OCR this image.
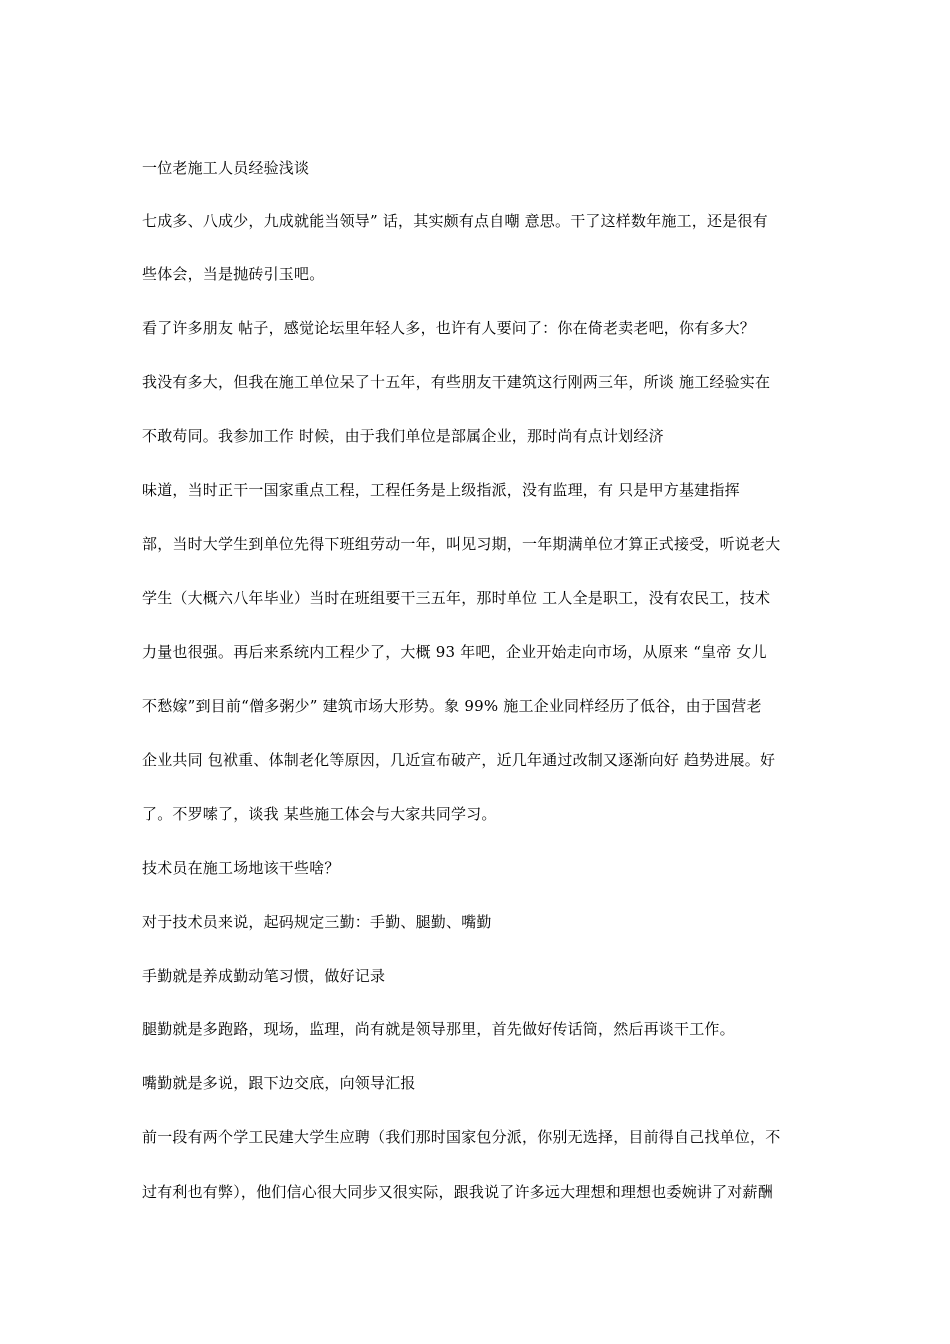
一位老施工人员经验浅谈
七成多、八成少，九成就能当领导” 话，其实颇有点自嘲 意思。干了这样数年施工，还是很有
些体会，当是抛砖引玉吧。
看了许多朋友 帖子，感觉论坛里年轻人多，也许有人要问了：你在倚老卖老吧，你有多大？
我没有多大，但我在施工单位呆了十五年，有些朋友干建筑这行刚两三年，所谈 施工经验实在
不敢苟同。我参加工作 时候，由于我们单位是部属企业，那时尚有点计划经济
味道，当时正干一国家重点工程，工程任务是上级指派，没有监理，有 只是甲方基建指挥
部，当时大学生到单位先得下班组劳动一年，叫见习期，一年期满单位才算正式接受，听说老大
学生（大概六八年毕业）当时在班组要干三五年，那时单位 工人全是职工，没有农民工，技术
力量也很强。再后来系统内工程少了，大概 93 年吧，企业开始走向市场，从原来 “皇帝 女儿
不愁嫁”到目前“僧多粥少” 建筑市场大形势。象 99% 施工企业同样经历了低谷，由于国营老
企业共同 包袱重、体制老化等原因，几近宣布破产，近几年通过改制又逐渐向好 趋势进展。好
了。不罗嗦了，谈我 某些施工体会与大家共同学习。
技术员在施工场地该干些啥？
对于技术员来说，起码规定三勤：手勤、腿勤、嘴勤
手勤就是养成勤动笔习惯，做好记录
腿勤就是多跑路，现场，监理，尚有就是领导那里，首先做好传话筒，然后再谈干工作。
嘴勤就是多说，跟下边交底，向领导汇报
前一段有两个学工民建大学生应聘（我们那时国家包分派，你别无选择，目前得自己找单位，不
过有利也有弊），他们信心很大同步又很实际，跟我说了许多远大理想和理想也委婉讲了对薪酬
